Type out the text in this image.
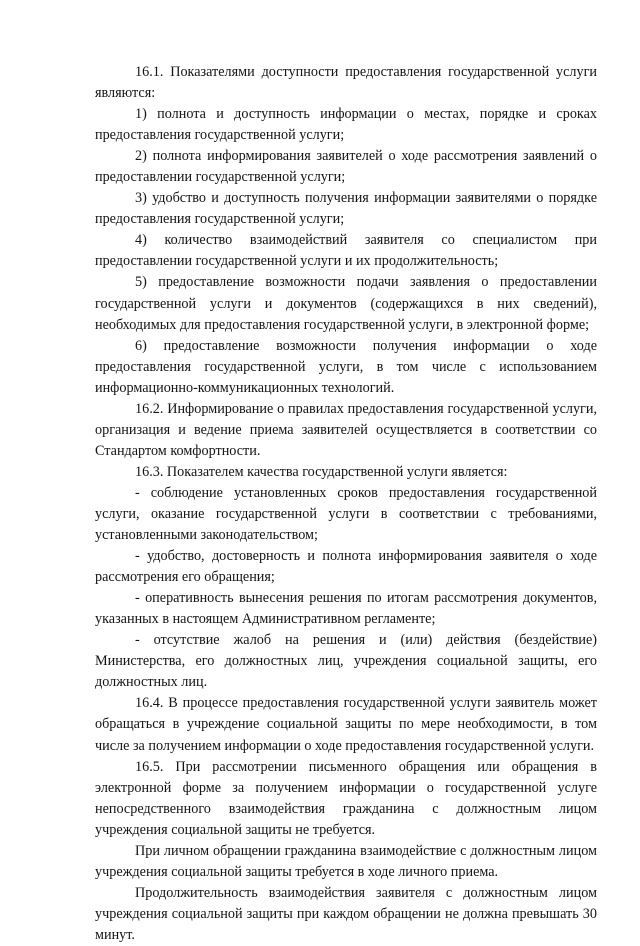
16.1. Показателями доступности предоставления государственной услуги являются:

1) полнота и доступность информации о местах, порядке и сроках предоставления государственной услуги;

2) полнота информирования заявителей о ходе рассмотрения заявлений о предоставлении государственной услуги;

3) удобство и доступность получения информации заявителями о порядке предоставления государственной услуги;

4) количество взаимодействий заявителя со специалистом при предоставлении государственной услуги и их продолжительность;

5) предоставление возможности подачи заявления о предоставлении государственной услуги и документов (содержащихся в них сведений), необходимых для предоставления государственной услуги, в электронной форме;

6) предоставление возможности получения информации о ходе предоставления государственной услуги, в том числе с использованием информационно-коммуникационных технологий.

16.2. Информирование о правилах предоставления государственной услуги, организация и ведение приема заявителей осуществляется в соответствии со Стандартом комфортности.

16.3. Показателем качества государственной услуги является:

- соблюдение установленных сроков предоставления государственной услуги, оказание государственной услуги в соответствии с требованиями, установленными законодательством;

- удобство, достоверность и полнота информирования заявителя о ходе рассмотрения его обращения;

- оперативность вынесения решения по итогам рассмотрения документов, указанных в настоящем Административном регламенте;

- отсутствие жалоб на решения и (или) действия (бездействие) Министерства, его должностных лиц, учреждения социальной защиты, его должностных лиц.

16.4. В процессе предоставления государственной услуги заявитель может обращаться в учреждение социальной защиты по мере необходимости, в том числе за получением информации о ходе предоставления государственной услуги.

16.5. При рассмотрении письменного обращения или обращения в электронной форме за получением информации о государственной услуге непосредственного взаимодействия гражданина с должностным лицом учреждения социальной защиты не требуется.

При личном обращении гражданина взаимодействие с должностным лицом учреждения социальной защиты требуется в ходе личного приема.

Продолжительность взаимодействия заявителя с должностным лицом учреждения социальной защиты при каждом обращении не должна превышать 30 минут.
